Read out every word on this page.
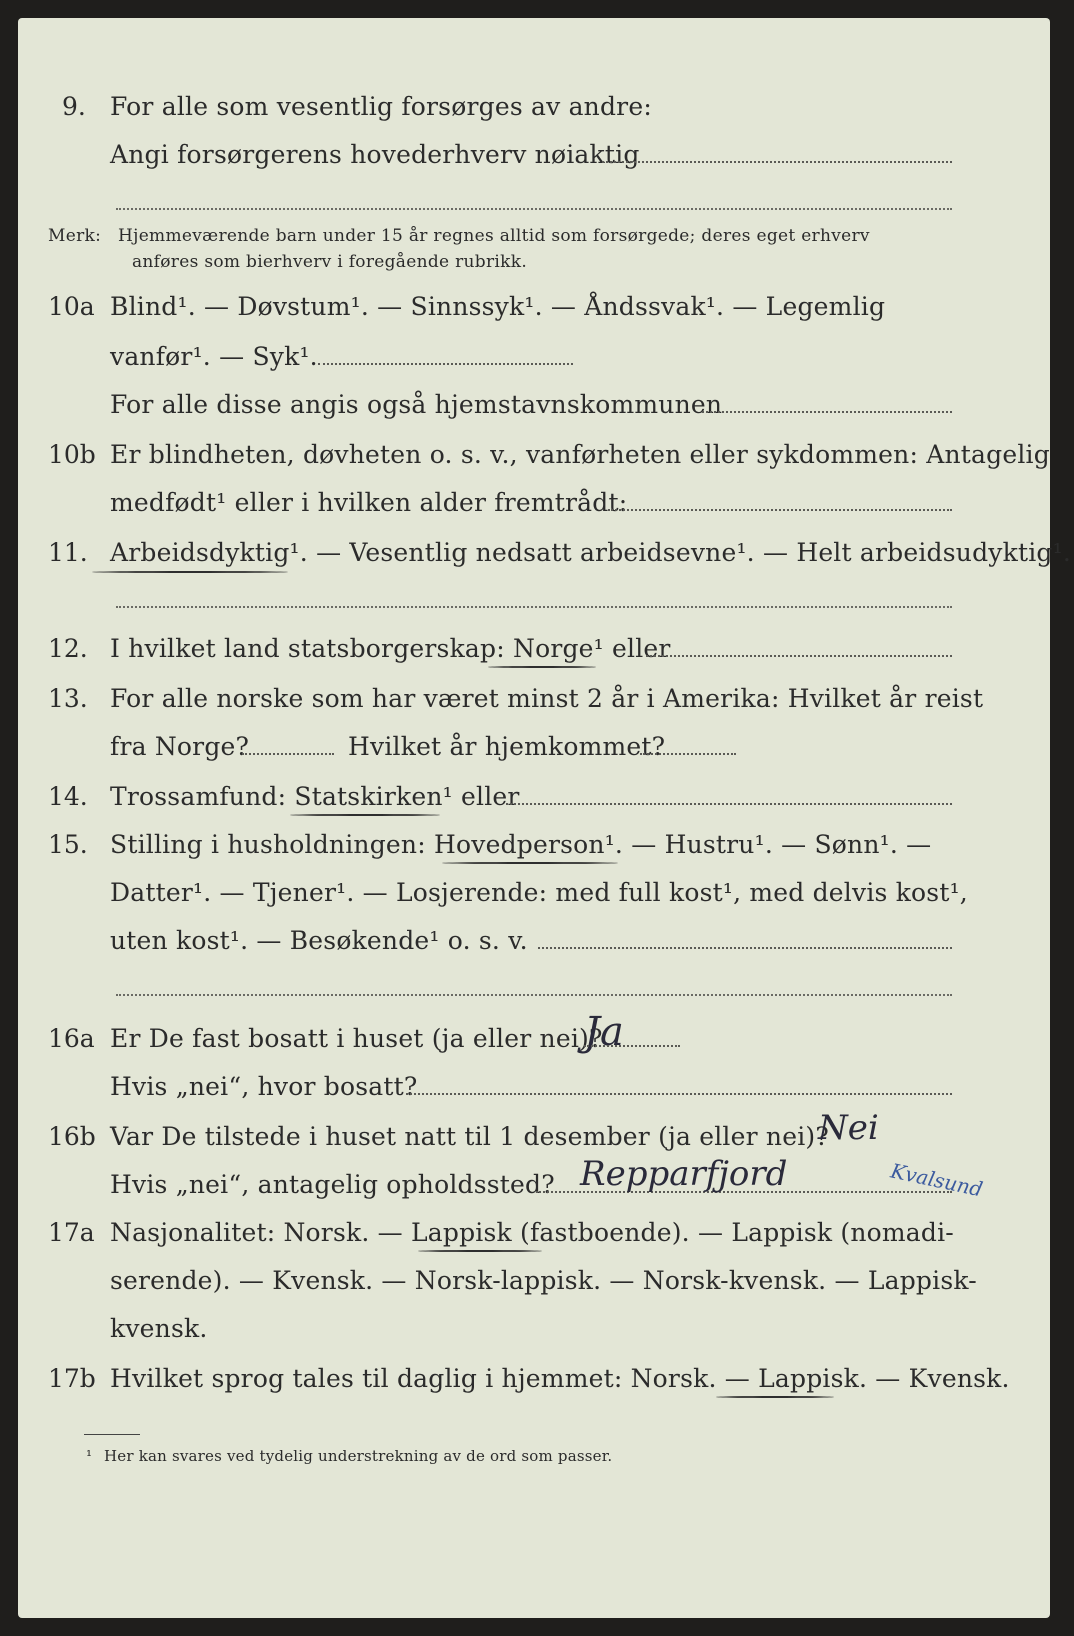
9. For alle som vesentlig forsørges av andre:
Angi forsørgerens hovederhverv nøiaktig
Merk: Hjemmeværende barn under 15 år regnes alltid som forsørgede; deres eget erhverv
anføres som bierhverv i foregående rubrikk.
10a Blind¹. — Døvstum¹. — Sinnssyk¹. — Åndssvak¹. — Legemlig
vanfør¹. — Syk¹.
For alle disse angis også hjemstavnskommunen
10b Er blindheten, døvheten o. s. v., vanførheten eller sykdommen: Antagelig
medfødt¹ eller i hvilken alder fremtrådt:
11. Arbeidsdyktig¹. — Vesentlig nedsatt arbeidsevne¹. — Helt arbeidsudyktig¹.
12. I hvilket land statsborgerskap: Norge¹ eller
13. For alle norske som har været minst 2 år i Amerika: Hvilket år reist
fra Norge?	Hvilket år hjemkommet?
14. Trossamfund: Statskirken¹ eller
15. Stilling i husholdningen: Hovedperson¹. — Hustru¹. — Sønn¹. —
Datter¹. — Tjener¹. — Losjerende: med full kost¹, med delvis kost¹,
uten kost¹. — Besøkende¹ o. s. v.
16a Er De fast bosatt i huset (ja eller nei)?
Ja
Hvis „nei“, hvor bosatt?
16b Var De tilstede i huset natt til 1 desember (ja eller nei)?
Nei
Hvis „nei“, antagelig opholdssted? Repparfjord	Kvalsund
17a Nasjonalitet: Norsk. — Lappisk (fastboende). — Lappisk (nomadi-
serende). — Kvensk. — Norsk-lappisk. — Norsk-kvensk. — Lappisk-
kvensk.
17b Hvilket sprog tales til daglig i hjemmet: Norsk. — Lappisk. — Kvensk.
¹ Her kan svares ved tydelig understrekning av de ord som passer.
